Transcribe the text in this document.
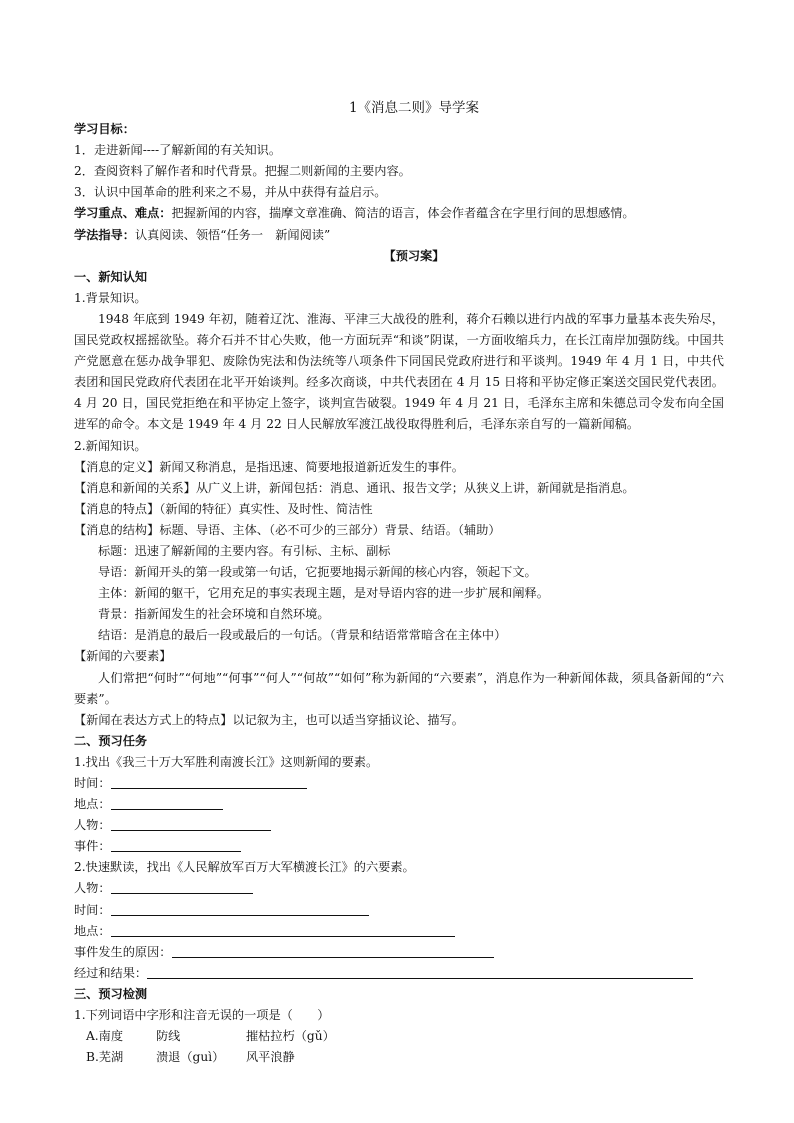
1《消息二则》导学案
学习目标：
1．走进新闻----了解新闻的有关知识。
2．查阅资料了解作者和时代背景。把握二则新闻的主要内容。
3．认识中国革命的胜利来之不易，并从中获得有益启示。
学习重点、难点：把握新闻的内容，揣摩文章准确、简洁的语言，体会作者蕴含在字里行间的思想感情。
学法指导：认真阅读、领悟“任务一　新闻阅读”
【预习案】
一、新知认知
1.背景知识。
1948 年底到 1949 年初，随着辽沈、淮海、平津三大战役的胜利，蒋介石赖以进行内战的军事力量基本丧失殆尽，国民党政权摇摇欲坠。蒋介石并不甘心失败，他一方面玩弄“和谈”阴谋，一方面收缩兵力，在长江南岸加强防线。中国共产党愿意在惩办战争罪犯、废除伪宪法和伪法统等八项条件下同国民党政府进行和平谈判。1949 年 4 月 1 日，中共代表团和国民党政府代表团在北平开始谈判。经多次商谈，中共代表团在 4 月 15 日将和平协定修正案送交国民党代表团。4 月 20 日，国民党拒绝在和平协定上签字，谈判宣告破裂。1949 年 4 月 21 日，毛泽东主席和朱德总司令发布向全国进军的命令。本文是 1949 年 4 月 22 日人民解放军渡江战役取得胜利后，毛泽东亲自写的一篇新闻稿。
2.新闻知识。
【消息的定义】新闻又称消息，是指迅速、简要地报道新近发生的事件。
【消息和新闻的关系】从广义上讲，新闻包括：消息、通讯、报告文学；从狭义上讲，新闻就是指消息。
【消息的特点】（新闻的特征）真实性、及时性、简洁性
【消息的结构】标题、导语、主体、（必不可少的三部分）背景、结语。（辅助）
标题：迅速了解新闻的主要内容。有引标、主标、副标
导语：新闻开头的第一段或第一句话，它扼要地揭示新闻的核心内容，领起下文。
主体：新闻的躯干，它用充足的事实表现主题，是对导语内容的进一步扩展和阐释。
背景：指新闻发生的社会环境和自然环境。
结语：是消息的最后一段或最后的一句话。（背景和结语常常暗含在主体中）
【新闻的六要素】
人们常把“何时”“何地”“何事”“何人”“何故”“如何”称为新闻的“六要素”，消息作为一种新闻体裁，须具备新闻的“六要素”。
【新闻在表达方式上的特点】以记叙为主，也可以适当穿插议论、描写。
二、预习任务
1.找出《我三十万大军胜利南渡长江》这则新闻的要素。
时间：
地点：
人物：
事件：
2.快速默读，找出《人民解放军百万大军横渡长江》的六要素。
人物：
时间：
地点：
事件发生的原因：
经过和结果：
三、预习检测
1.下列词语中字形和注音无误的一项是（　　）
A.南度	防线	摧枯拉朽（gǔ）
B.芜湖	溃退（guì） 风平浪静
